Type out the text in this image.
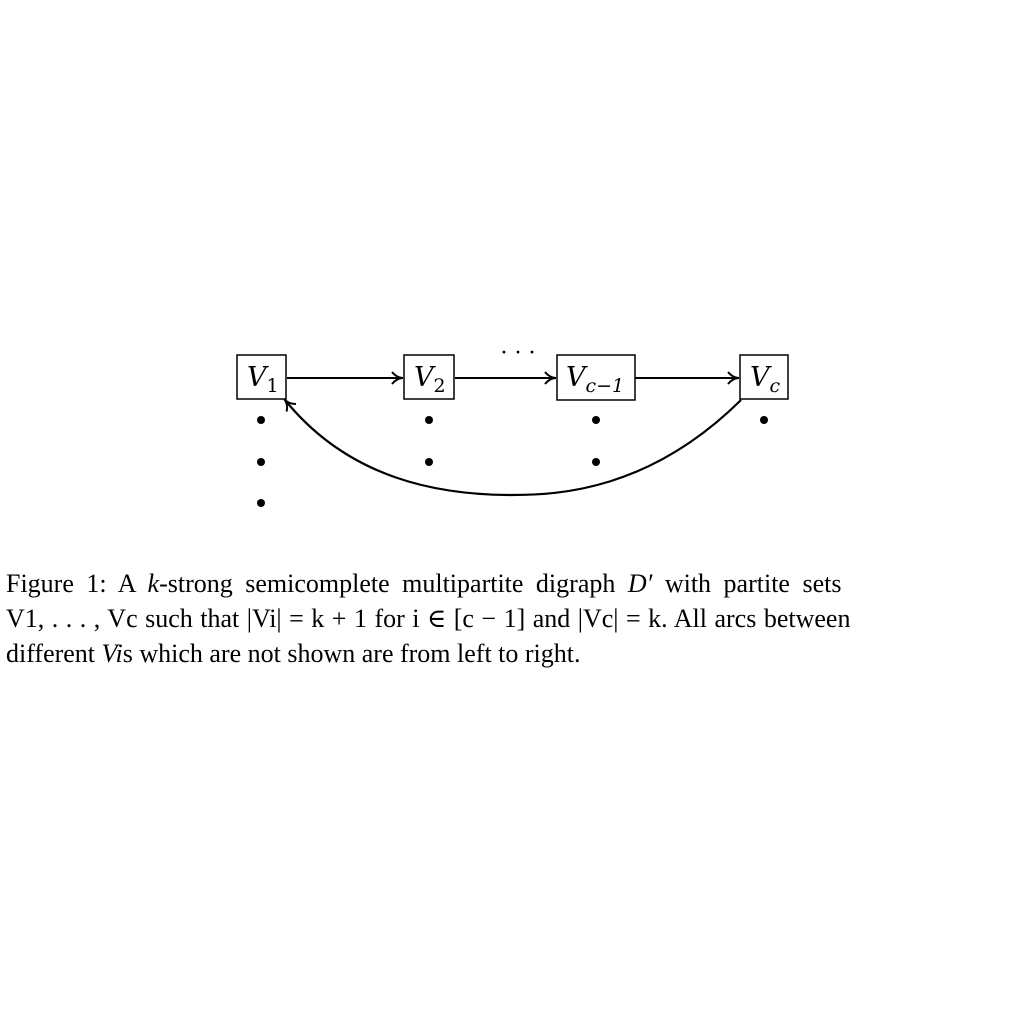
· · ·
$V_1$	$V_2$	$V_{c-1}$	$V_c$
Figure 1: A k-strong semicomplete multipartite digraph D′ with partite sets
V1, . . . , Vc such that |Vi| = k + 1 for i ∈ [c − 1] and |Vc| = k. All arcs between
different Vis which are not shown are from left to right.
